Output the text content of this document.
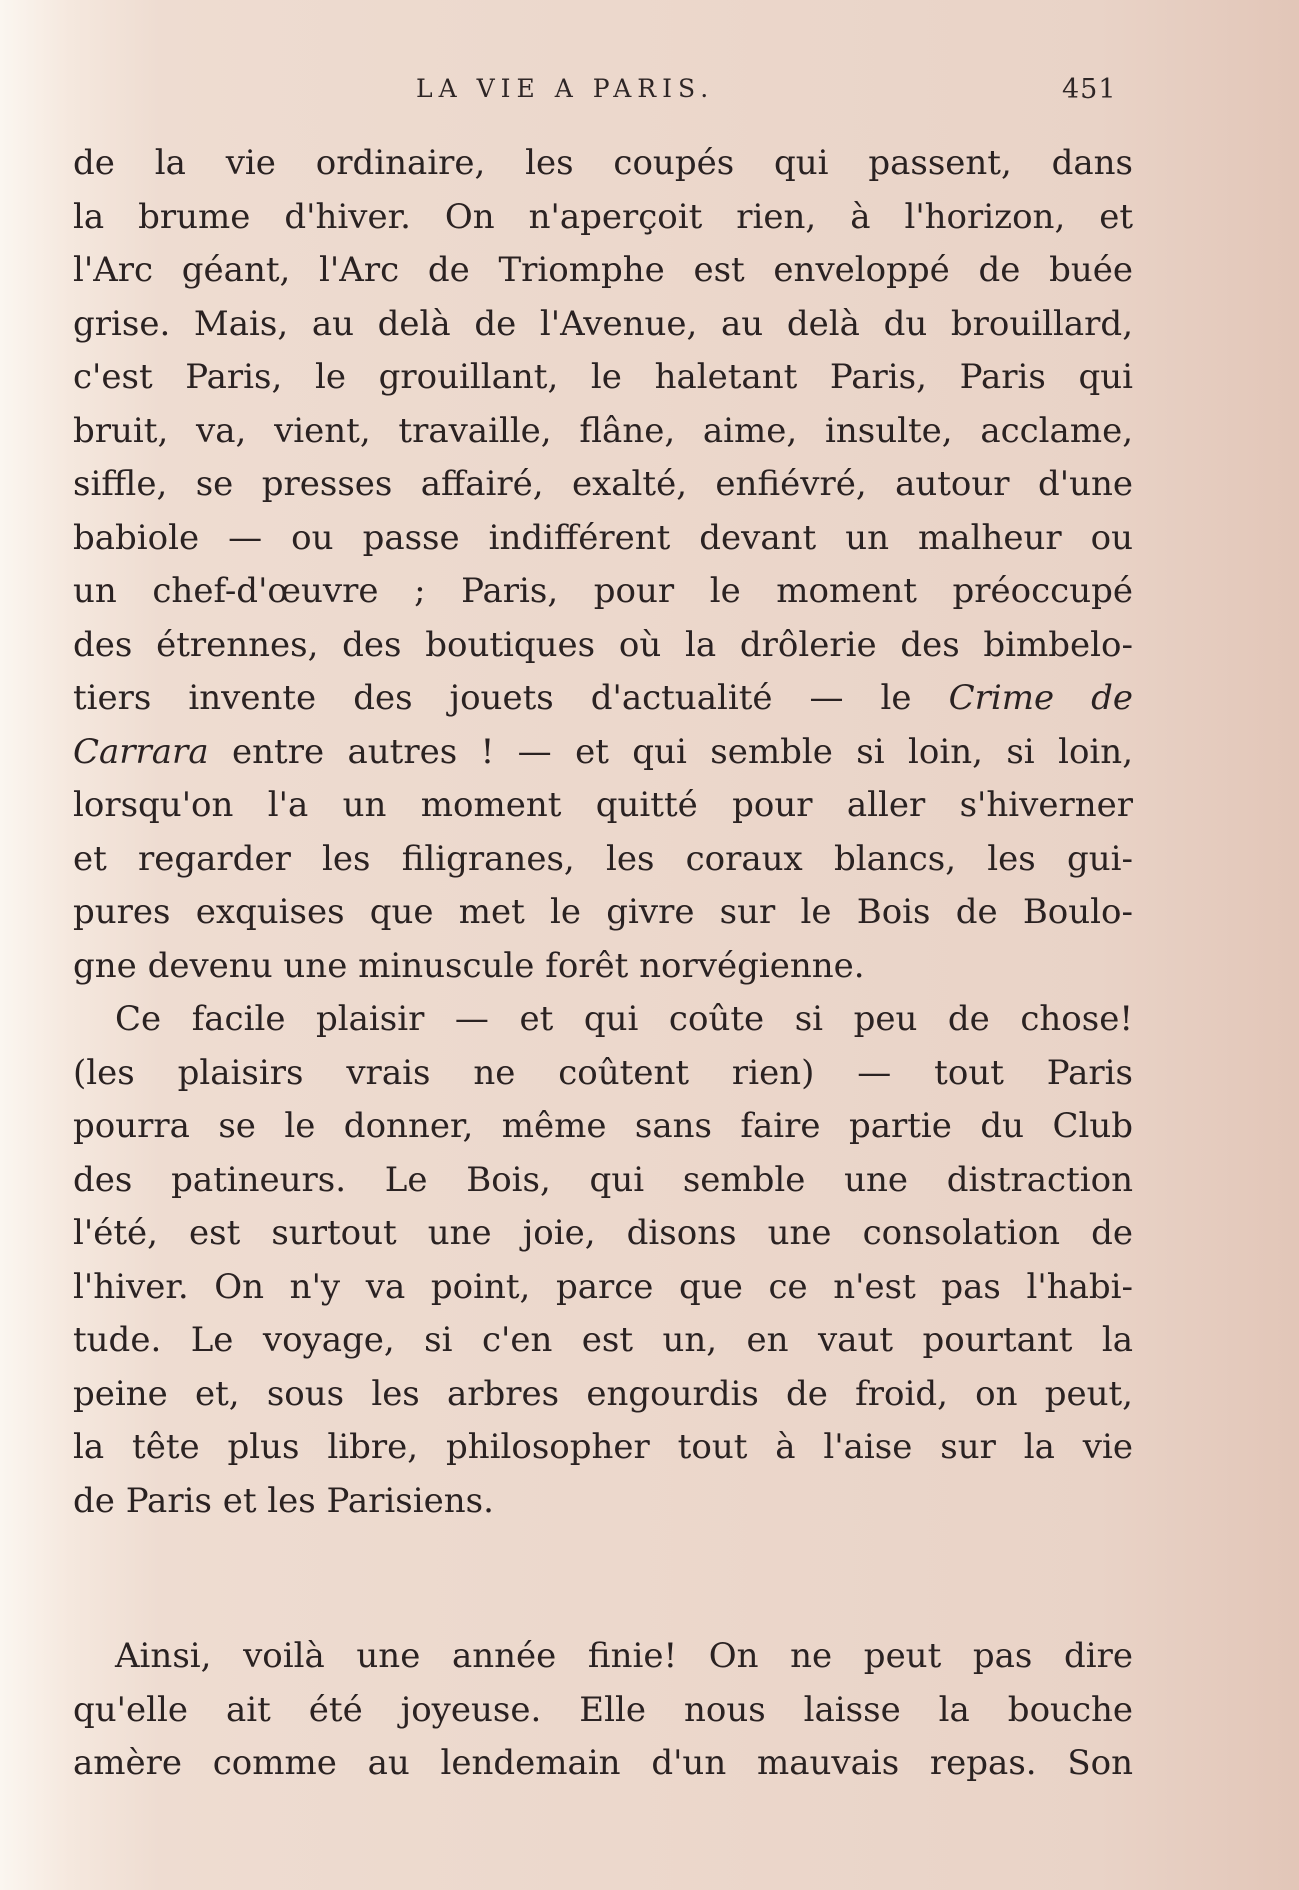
LA VIE A PARIS.	451
de la vie ordinaire, les coupés qui passent, dans
la brume d'hiver. On n'aperçoit rien, à l'horizon, et
l'Arc géant, l'Arc de Triomphe est enveloppé de buée
grise. Mais, au delà de l'Avenue, au delà du brouillard,
c'est Paris, le grouillant, le haletant Paris, Paris qui
bruit, va, vient, travaille, flâne, aime, insulte, acclame,
siffle, se presses affairé, exalté, enfiévré, autour d'une
babiole — ou passe indifférent devant un malheur ou
un chef-d'œuvre ; Paris, pour le moment préoccupé
des étrennes, des boutiques où la drôlerie des bimbelo-
tiers invente des jouets d'actualité — le Crime de
Carrara entre autres ! — et qui semble si loin, si loin,
lorsqu'on l'a un moment quitté pour aller s'hiverner
et regarder les filigranes, les coraux blancs, les gui-
pures exquises que met le givre sur le Bois de Boulo-
gne devenu une minuscule forêt norvégienne.
Ce facile plaisir — et qui coûte si peu de chose!
(les plaisirs vrais ne coûtent rien) — tout Paris
pourra se le donner, même sans faire partie du Club
des patineurs. Le Bois, qui semble une distraction
l'été, est surtout une joie, disons une consolation de
l'hiver. On n'y va point, parce que ce n'est pas l'habi-
tude. Le voyage, si c'en est un, en vaut pourtant la
peine et, sous les arbres engourdis de froid, on peut,
la tête plus libre, philosopher tout à l'aise sur la vie
de Paris et les Parisiens.
Ainsi, voilà une année finie! On ne peut pas dire
qu'elle ait été joyeuse. Elle nous laisse la bouche
amère comme au lendemain d'un mauvais repas. Son
